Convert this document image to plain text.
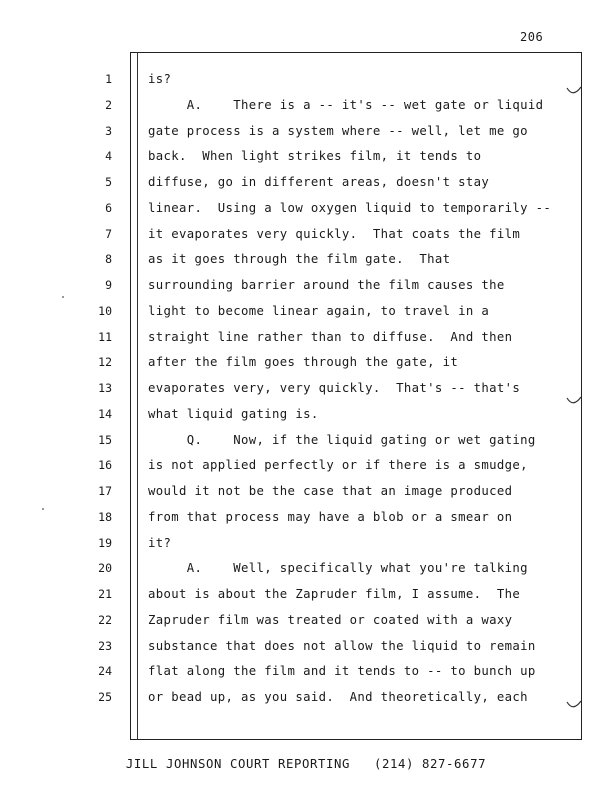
206
1	is?
2	A.    There is a -- it's -- wet gate or liquid
3	gate process is a system where -- well, let me go
4	back.  When light strikes film, it tends to
5	diffuse, go in different areas, doesn't stay
6	linear.  Using a low oxygen liquid to temporarily --
7	it evaporates very quickly.  That coats the film
8	as it goes through the film gate.  That
9	surrounding barrier around the film causes the
10	light to become linear again, to travel in a
11	straight line rather than to diffuse.  And then
12	after the film goes through the gate, it
13	evaporates very, very quickly.  That's -- that's
14	what liquid gating is.
15	Q.    Now, if the liquid gating or wet gating
16	is not applied perfectly or if there is a smudge,
17	would it not be the case that an image produced
18	from that process may have a blob or a smear on
19	it?
20	A.    Well, specifically what you're talking
21	about is about the Zapruder film, I assume.  The
22	Zapruder film was treated or coated with a waxy
23	substance that does not allow the liquid to remain
24	flat along the film and it tends to -- to bunch up
25	or bead up, as you said.  And theoretically, each
JILL JOHNSON COURT REPORTING   (214) 827-6677
